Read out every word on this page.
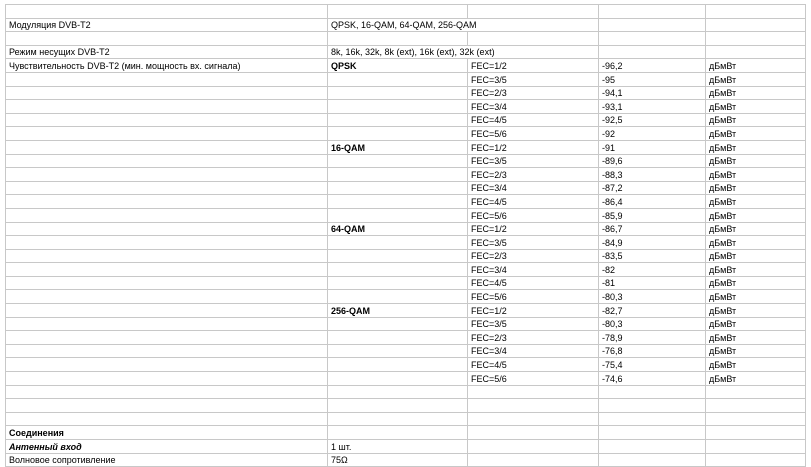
Модуляция DVB-T2	QPSK, 16-QAM, 64-QAM, 256-QAM			

Режим несущих DVB-T2	8k, 16k, 32k, 8k (ext), 16k (ext), 32k (ext)			
Чувствительность DVB-T2 (мин. мощность вх. сигнала)	QPSK	FEC=1/2	-96,2	дБмВт
		FEC=3/5	-95	дБмВт
		FEC=2/3	-94,1	дБмВт
		FEC=3/4	-93,1	дБмВт
		FEC=4/5	-92,5	дБмВт
		FEC=5/6	-92	дБмВт
	16-QAM	FEC=1/2	-91	дБмВт
		FEC=3/5	-89,6	дБмВт
		FEC=2/3	-88,3	дБмВт
		FEC=3/4	-87,2	дБмВт
		FEC=4/5	-86,4	дБмВт
		FEC=5/6	-85,9	дБмВт
	64-QAM	FEC=1/2	-86,7	дБмВт
		FEC=3/5	-84,9	дБмВт
		FEC=2/3	-83,5	дБмВт
		FEC=3/4	-82	дБмВт
		FEC=4/5	-81	дБмВт
		FEC=5/6	-80,3	дБмВт
	256-QAM	FEC=1/2	-82,7	дБмВт
		FEC=3/5	-80,3	дБмВт
		FEC=2/3	-78,9	дБмВт
		FEC=3/4	-76,8	дБмВт
		FEC=4/5	-75,4	дБмВт
		FEC=5/6	-74,6	дБмВт

Соединения				
Антенный вход	1 шт.			
Волновое сопротивление	75Ω			
